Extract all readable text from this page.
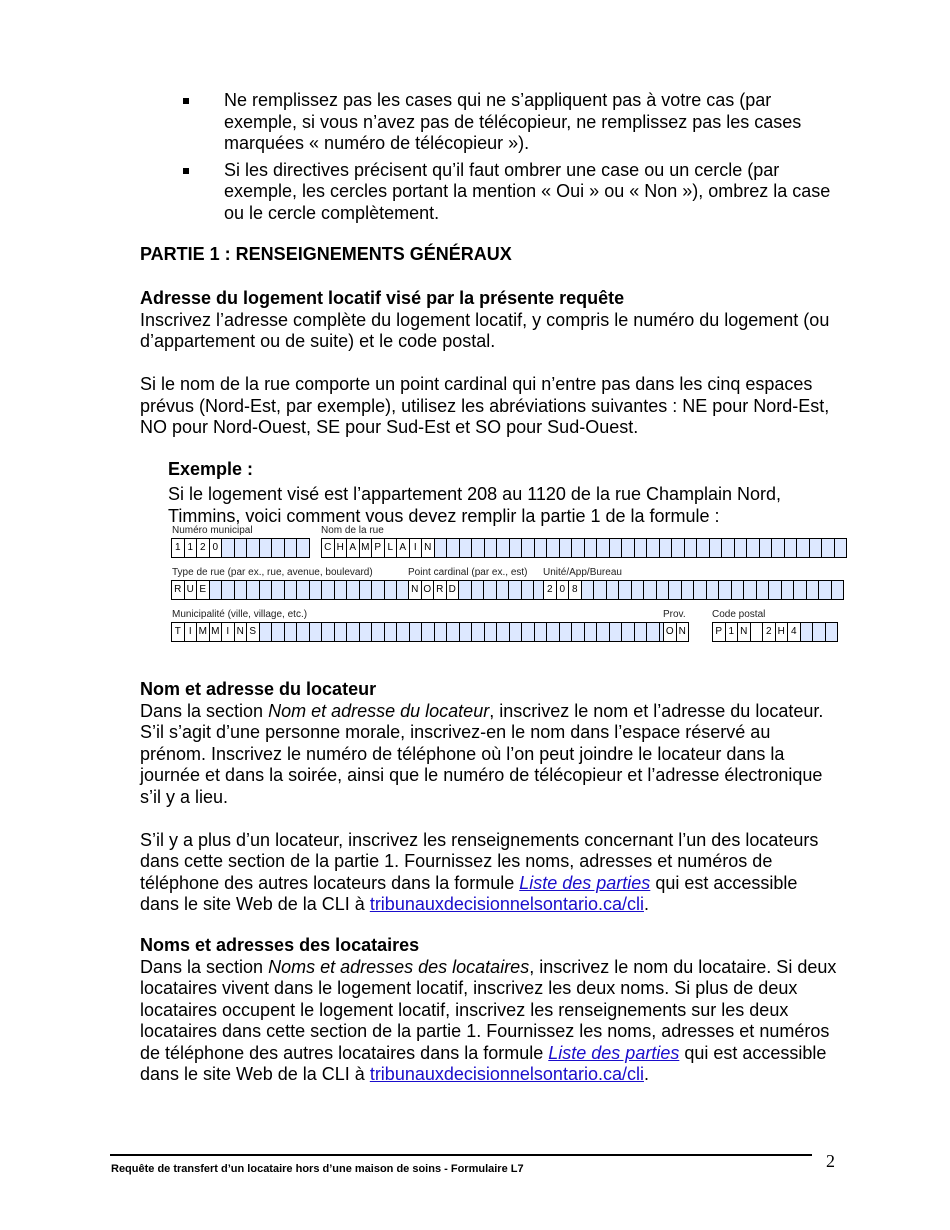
Ne remplissez pas les cases qui ne s’appliquent pas à votre cas (par exemple, si vous n’avez pas de télécopieur, ne remplissez pas les cases marquées « numéro de télécopieur »).
Si les directives précisent qu’il faut ombrer une case ou un cercle (par exemple, les cercles portant la mention « Oui » ou « Non »), ombrez la case ou le cercle complètement.
PARTIE 1 : RENSEIGNEMENTS GÉNÉRAUX

Adresse du logement locatif visé par la présente requête

Inscrivez l’adresse complète du logement locatif, y compris le numéro du logement (ou d’appartement ou de suite) et le code postal.

Si le nom de la rue comporte un point cardinal qui n’entre pas dans les cinq espaces prévus (Nord-Est, par exemple), utilisez les abréviations suivantes : NE pour Nord-Est, NO pour Nord-Ouest, SE pour Sud-Est et SO pour Sud-Ouest.

Exemple :

Si le logement visé est l’appartement 208 au 1120 de la rue Champlain Nord, Timmins, voici comment vous devez remplir la partie 1 de la formule :

Numéro municipal	Nom de la rue
1 1 2 0	C H A M P L A I N
Type de rue (par ex., rue, avenue, boulevard)	Point cardinal (par ex., est) Unité/App/Bureau
R U E	N O R D	2 0 8
Municipalité (ville, village, etc.)	Prov.	Code postal
T I M M I N S	O N	P 1 N	2 H 4

Nom et adresse du locateur

Dans la section Nom et adresse du locateur, inscrivez le nom et l’adresse du locateur. S’il s’agit d’une personne morale, inscrivez-en le nom dans l’espace réservé au prénom. Inscrivez le numéro de téléphone où l’on peut joindre le locateur dans la journée et dans la soirée, ainsi que le numéro de télécopieur et l’adresse électronique s’il y a lieu.

S’il y a plus d’un locateur, inscrivez les renseignements concernant l’un des locateurs dans cette section de la partie 1. Fournissez les noms, adresses et numéros de téléphone des autres locateurs dans la formule Liste des parties qui est accessible dans le site Web de la CLI à tribunauxdecisionnelsontario.ca/cli.

Noms et adresses des locataires

Dans la section Noms et adresses des locataires, inscrivez le nom du locataire. Si deux locataires vivent dans le logement locatif, inscrivez les deux noms. Si plus de deux locataires occupent le logement locatif, inscrivez les renseignements sur les deux locataires dans cette section de la partie 1. Fournissez les noms, adresses et numéros de téléphone des autres locataires dans la formule Liste des parties qui est accessible dans le site Web de la CLI à tribunauxdecisionnelsontario.ca/cli.

Requête de transfert d’un locataire hors d’une maison de soins - Formulaire L7	2
